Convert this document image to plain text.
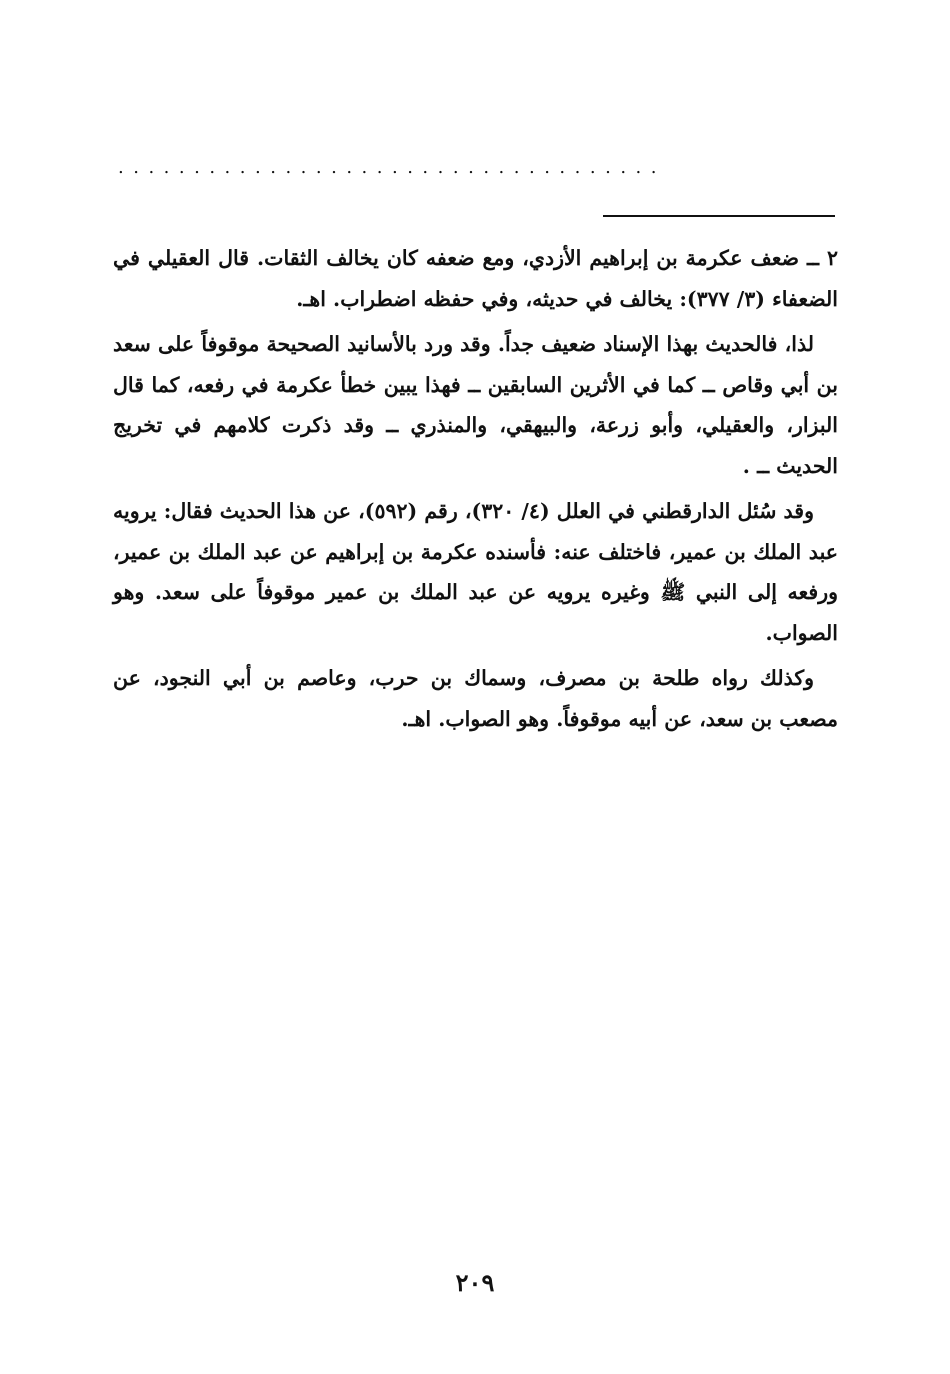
....................................

٢ ــ ضعف عكرمة بن إبراهيم الأزدي، ومع ضعفه كان يخالف الثقات. قال العقيلي في الضعفاء (٣/ ٣٧٧): يخالف في حديثه، وفي حفظه اضطراب. اهـ.

لذا، فالحديث بهذا الإسناد ضعيف جداً. وقد ورد بالأسانيد الصحيحة موقوفاً على سعد بن أبي وقاص ــ كما في الأثرين السابقين ــ فهذا يبين خطأ عكرمة في رفعه، كما قال البزار، والعقيلي، وأبو زرعة، والبيهقي، والمنذري ــ وقد ذكرت كلامهم في تخريج الحديث ــ .

وقد سُئل الدارقطني في العلل (٤/ ٣٢٠)، رقم (٥٩٢)، عن هذا الحديث فقال: يرويه عبد الملك بن عمير، فاختلف عنه: فأسنده عكرمة بن إبراهيم عن عبد الملك بن عمير، ورفعه إلى النبي ﷺ وغيره يرويه عن عبد الملك بن عمير موقوفاً على سعد. وهو الصواب.

وكذلك رواه طلحة بن مصرف، وسماك بن حرب، وعاصم بن أبي النجود، عن مصعب بن سعد، عن أبيه موقوفاً. وهو الصواب. اهـ.

٢٠٩
